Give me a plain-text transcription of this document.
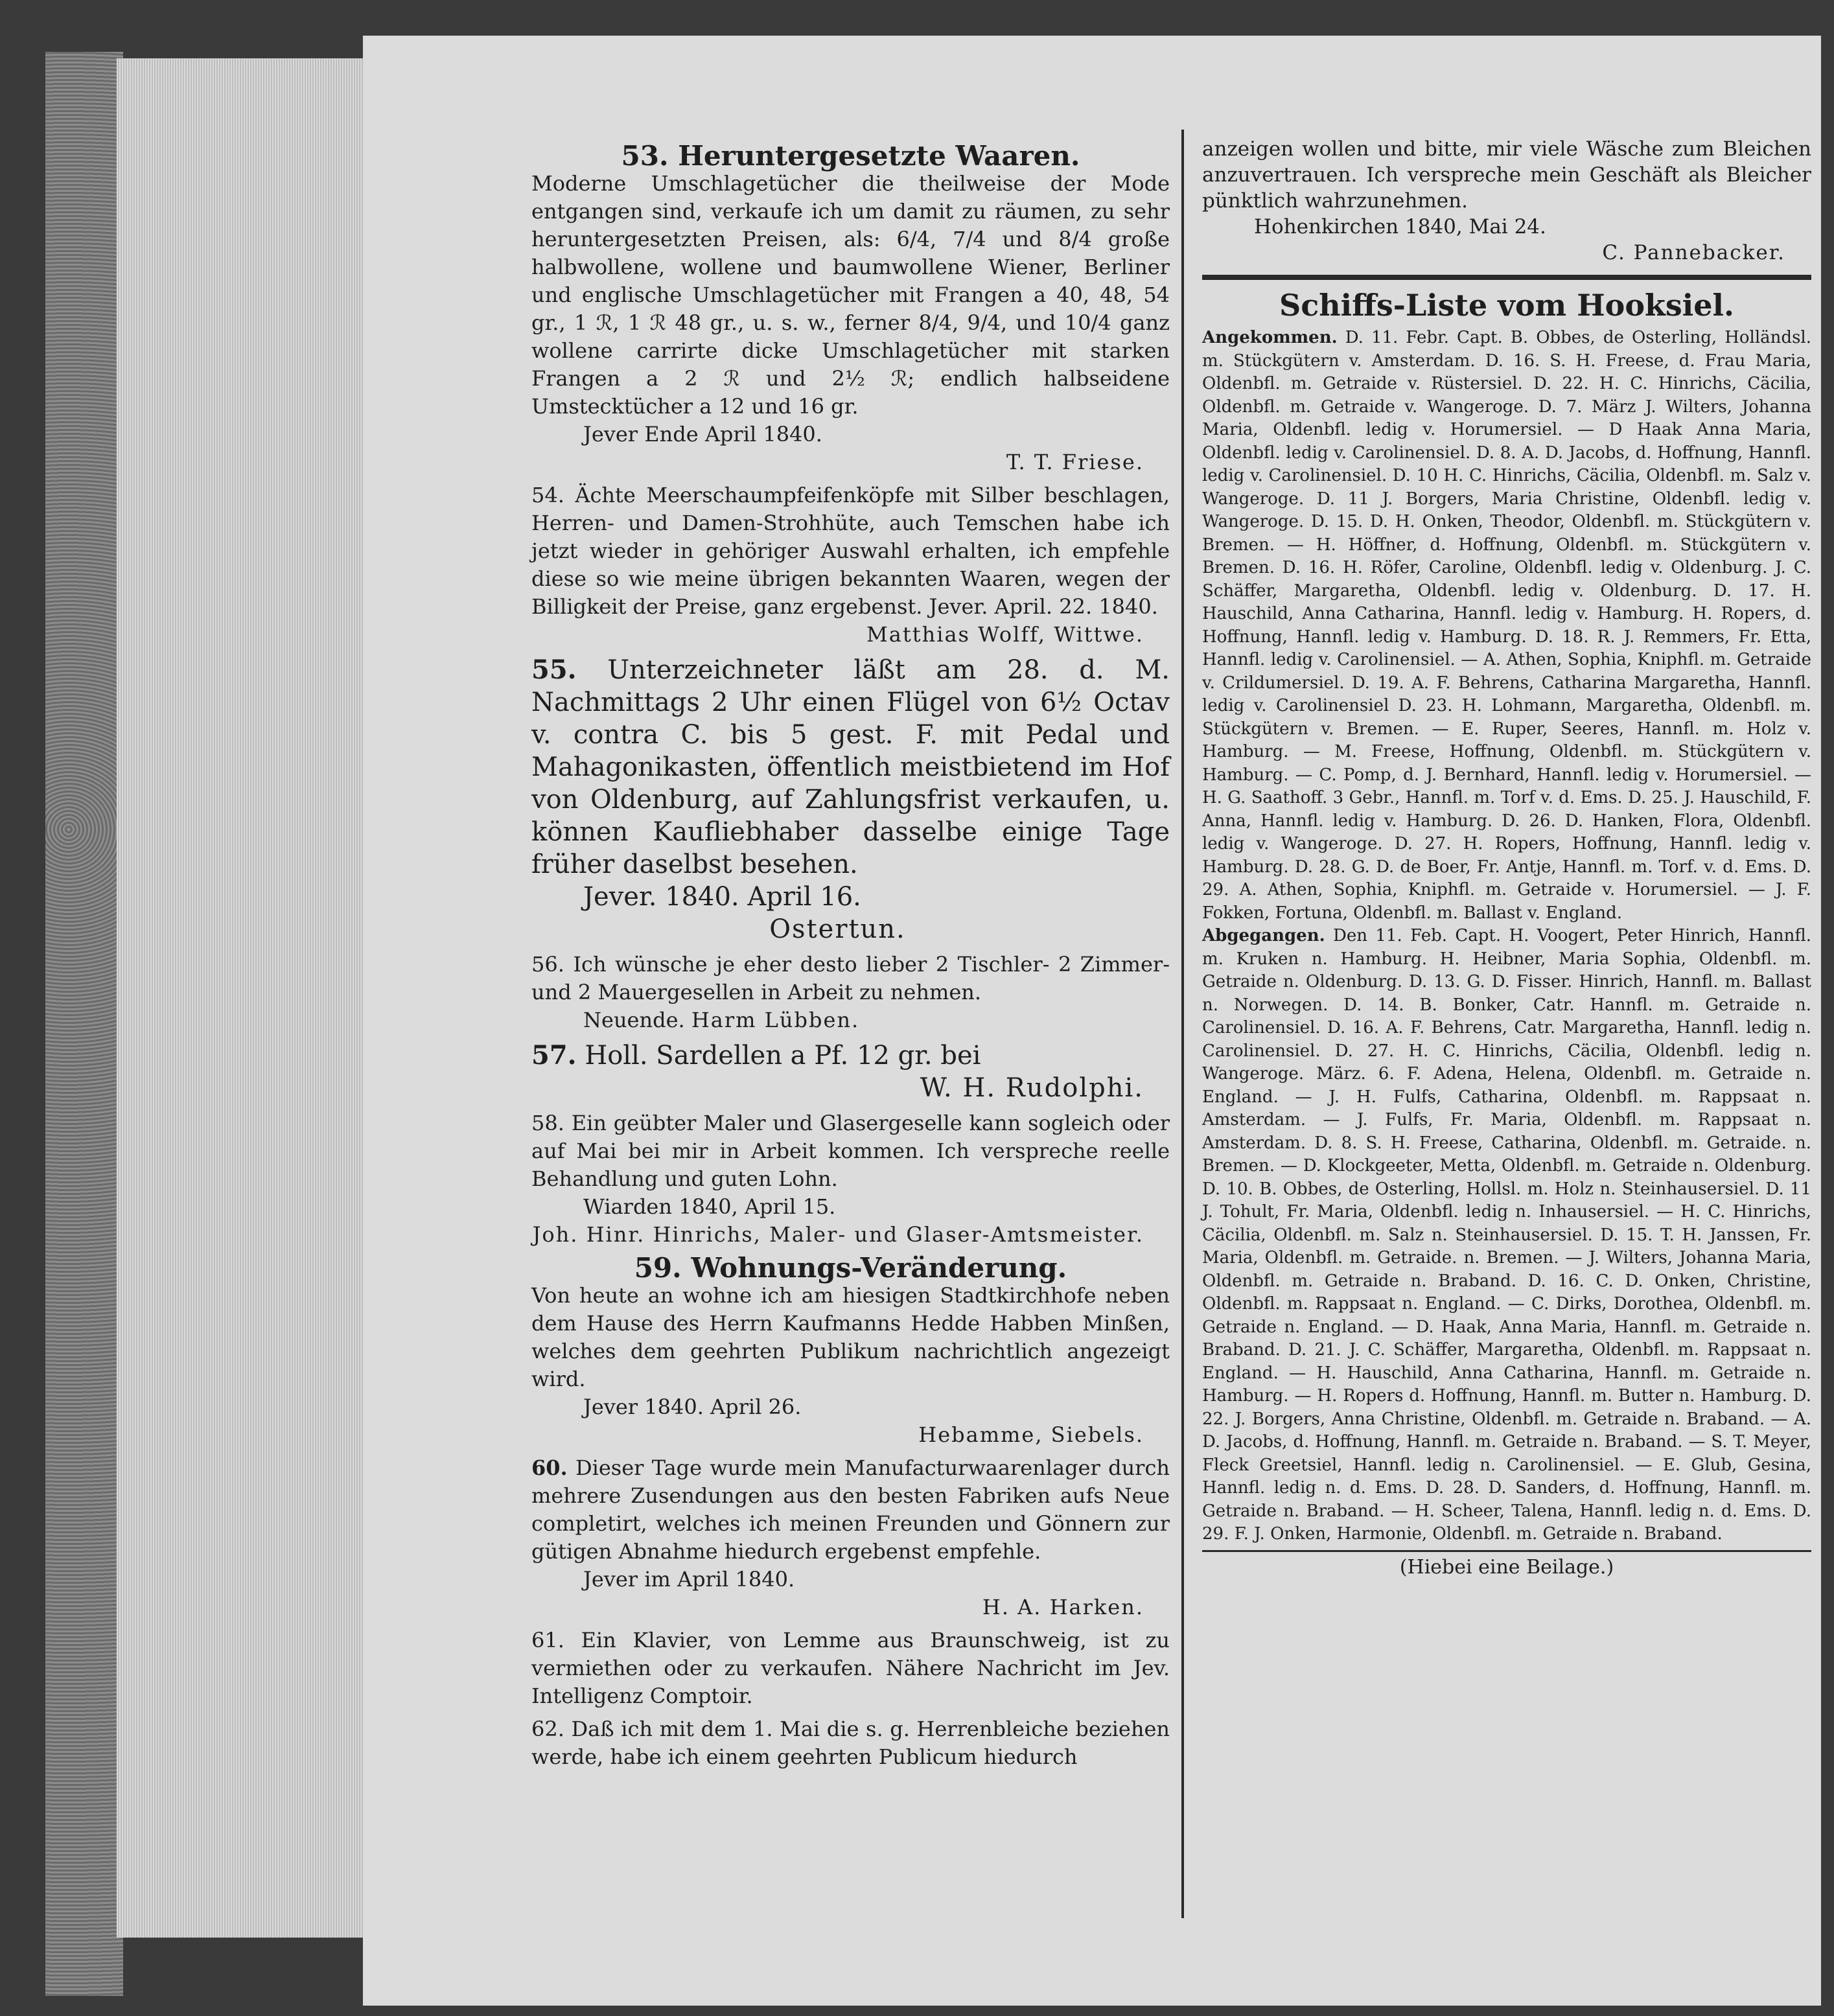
53. Heruntergesetzte Waaren.

Moderne Umschlagetücher die theilweise der Mode entgangen sind, verkaufe ich um damit zu räumen, zu sehr heruntergesetzten Preisen, als: 6/4, 7/4 und 8/4 große halbwollene, wollene und baumwollene Wiener, Berliner und englische Umschlagetücher mit Frangen a 40, 48, 54 gr., 1 ℛ, 1 ℛ 48 gr., u. s. w., ferner 8/4, 9/4, und 10/4 ganz wollene carrirte dicke Umschlagetücher mit starken Frangen a 2 ℛ und 2½ ℛ; endlich halbseidene Umstecktücher a 12 und 16 gr.

Jever Ende April 1840.

T. T. Friese.

54. Ächte Meerschaumpfeifenköpfe mit Silber beschlagen, Herren- und Damen-Strohhüte, auch Temschen habe ich jetzt wieder in gehöriger Auswahl erhalten, ich empfehle diese so wie meine übrigen bekannten Waaren, wegen der Billigkeit der Preise, ganz ergebenst. Jever. April. 22. 1840.

Matthias Wolff, Wittwe.

55. Unterzeichneter läßt am 28. d. M. Nachmittags 2 Uhr einen Flügel von 6½ Octav v. contra C. bis 5 gest. F. mit Pedal und Mahagonikasten, öffentlich meistbietend im Hof von Oldenburg, auf Zahlungsfrist verkaufen, u. können Kaufliebhaber dasselbe einige Tage früher daselbst besehen.

Jever. 1840. April 16.

Ostertun.

56. Ich wünsche je eher desto lieber 2 Tischler- 2 Zimmer- und 2 Mauergesellen in Arbeit zu nehmen.

Neuende. Harm Lübben.

57. Holl. Sardellen a Pf. 12 gr. bei

W. H. Rudolphi.

58. Ein geübter Maler und Glasergeselle kann sogleich oder auf Mai bei mir in Arbeit kommen. Ich verspreche reelle Behandlung und guten Lohn.

Wiarden 1840, April 15.

Joh. Hinr. Hinrichs, Maler- und Glaser-Amtsmeister.

59. Wohnungs-Veränderung.

Von heute an wohne ich am hiesigen Stadtkirchhofe neben dem Hause des Herrn Kaufmanns Hedde Habben Minßen, welches dem geehrten Publikum nachrichtlich angezeigt wird.

Jever 1840. April 26.

Hebamme, Siebels.

60. Dieser Tage wurde mein Manufacturwaarenlager durch mehrere Zusendungen aus den besten Fabriken aufs Neue completirt, welches ich meinen Freunden und Gönnern zur gütigen Abnahme hiedurch ergebenst empfehle.

Jever im April 1840.

H. A. Harken.

61. Ein Klavier, von Lemme aus Braunschweig, ist zu vermiethen oder zu verkaufen. Nähere Nachricht im Jev. Intelligenz Comptoir.

62. Daß ich mit dem 1. Mai die s. g. Herrenbleiche beziehen werde, habe ich einem geehrten Publicum hiedurch

anzeigen wollen und bitte, mir viele Wäsche zum Bleichen anzuvertrauen. Ich verspreche mein Geschäft als Bleicher pünktlich wahrzunehmen.

Hohenkirchen 1840, Mai 24.

C. Pannebacker.

Schiffs-Liste vom Hooksiel.

Angekommen. D. 11. Febr. Capt. B. Obbes, de Osterling, Holländsl. m. Stückgütern v. Amsterdam. D. 16. S. H. Freese, d. Frau Maria, Oldenbfl. m. Getraide v. Rüstersiel. D. 22. H. C. Hinrichs, Cäcilia, Oldenbfl. m. Getraide v. Wangeroge. D. 7. März J. Wilters, Johanna Maria, Oldenbfl. ledig v. Horumersiel. — D Haak Anna Maria, Oldenbfl. ledig v. Carolinensiel. D. 8. A. D. Jacobs, d. Hoffnung, Hannfl. ledig v. Carolinensiel. D. 10 H. C. Hinrichs, Cäcilia, Oldenbfl. m. Salz v. Wangeroge. D. 11 J. Borgers, Maria Christine, Oldenbfl. ledig v. Wangeroge. D. 15. D. H. Onken, Theodor, Oldenbfl. m. Stückgütern v. Bremen. — H. Höffner, d. Hoffnung, Oldenbfl. m. Stückgütern v. Bremen. D. 16. H. Röfer, Caroline, Oldenbfl. ledig v. Oldenburg. J. C. Schäffer, Margaretha, Oldenbfl. ledig v. Oldenburg. D. 17. H. Hauschild, Anna Catharina, Hannfl. ledig v. Hamburg. H. Ropers, d. Hoffnung, Hannfl. ledig v. Hamburg. D. 18. R. J. Remmers, Fr. Etta, Hannfl. ledig v. Carolinensiel. — A. Athen, Sophia, Kniphfl. m. Getraide v. Crildumersiel. D. 19. A. F. Behrens, Catharina Margaretha, Hannfl. ledig v. Carolinensiel D. 23. H. Lohmann, Margaretha, Oldenbfl. m. Stückgütern v. Bremen. — E. Ruper, Seeres, Hannfl. m. Holz v. Hamburg. — M. Freese, Hoffnung, Oldenbfl. m. Stückgütern v. Hamburg. — C. Pomp, d. J. Bernhard, Hannfl. ledig v. Horumersiel. — H. G. Saathoff. 3 Gebr., Hannfl. m. Torf v. d. Ems. D. 25. J. Hauschild, F. Anna, Hannfl. ledig v. Hamburg. D. 26. D. Hanken, Flora, Oldenbfl. ledig v. Wangeroge. D. 27. H. Ropers, Hoffnung, Hannfl. ledig v. Hamburg. D. 28. G. D. de Boer, Fr. Antje, Hannfl. m. Torf. v. d. Ems. D. 29. A. Athen, Sophia, Kniphfl. m. Getraide v. Horumersiel. — J. F. Fokken, Fortuna, Oldenbfl. m. Ballast v. England.

Abgegangen. Den 11. Feb. Capt. H. Voogert, Peter Hinrich, Hannfl. m. Kruken n. Hamburg. H. Heibner, Maria Sophia, Oldenbfl. m. Getraide n. Oldenburg. D. 13. G. D. Fisser. Hinrich, Hannfl. m. Ballast n. Norwegen. D. 14. B. Bonker, Catr. Hannfl. m. Getraide n. Carolinensiel. D. 16. A. F. Behrens, Catr. Margaretha, Hannfl. ledig n. Carolinensiel. D. 27. H. C. Hinrichs, Cäcilia, Oldenbfl. ledig n. Wangeroge. März. 6. F. Adena, Helena, Oldenbfl. m. Getraide n. England. — J. H. Fulfs, Catharina, Oldenbfl. m. Rappsaat n. Amsterdam. — J. Fulfs, Fr. Maria, Oldenbfl. m. Rappsaat n. Amsterdam. D. 8. S. H. Freese, Catharina, Oldenbfl. m. Getraide. n. Bremen. — D. Klockgeeter, Metta, Oldenbfl. m. Getraide n. Oldenburg. D. 10. B. Obbes, de Osterling, Hollsl. m. Holz n. Steinhausersiel. D. 11 J. Tohult, Fr. Maria, Oldenbfl. ledig n. Inhausersiel. — H. C. Hinrichs, Cäcilia, Oldenbfl. m. Salz n. Steinhausersiel. D. 15. T. H. Janssen, Fr. Maria, Oldenbfl. m. Getraide. n. Bremen. — J. Wilters, Johanna Maria, Oldenbfl. m. Getraide n. Braband. D. 16. C. D. Onken, Christine, Oldenbfl. m. Rappsaat n. England. — C. Dirks, Dorothea, Oldenbfl. m. Getraide n. England. — D. Haak, Anna Maria, Hannfl. m. Getraide n. Braband. D. 21. J. C. Schäffer, Margaretha, Oldenbfl. m. Rappsaat n. England. — H. Hauschild, Anna Catharina, Hannfl. m. Getraide n. Hamburg. — H. Ropers d. Hoffnung, Hannfl. m. Butter n. Hamburg. D. 22. J. Borgers, Anna Christine, Oldenbfl. m. Getraide n. Braband. — A. D. Jacobs, d. Hoffnung, Hannfl. m. Getraide n. Braband. — S. T. Meyer, Fleck Greetsiel, Hannfl. ledig n. Carolinensiel. — E. Glub, Gesina, Hannfl. ledig n. d. Ems. D. 28. D. Sanders, d. Hoffnung, Hannfl. m. Getraide n. Braband. — H. Scheer, Talena, Hannfl. ledig n. d. Ems. D. 29. F. J. Onken, Harmonie, Oldenbfl. m. Getraide n. Braband.

(Hiebei eine Beilage.)
